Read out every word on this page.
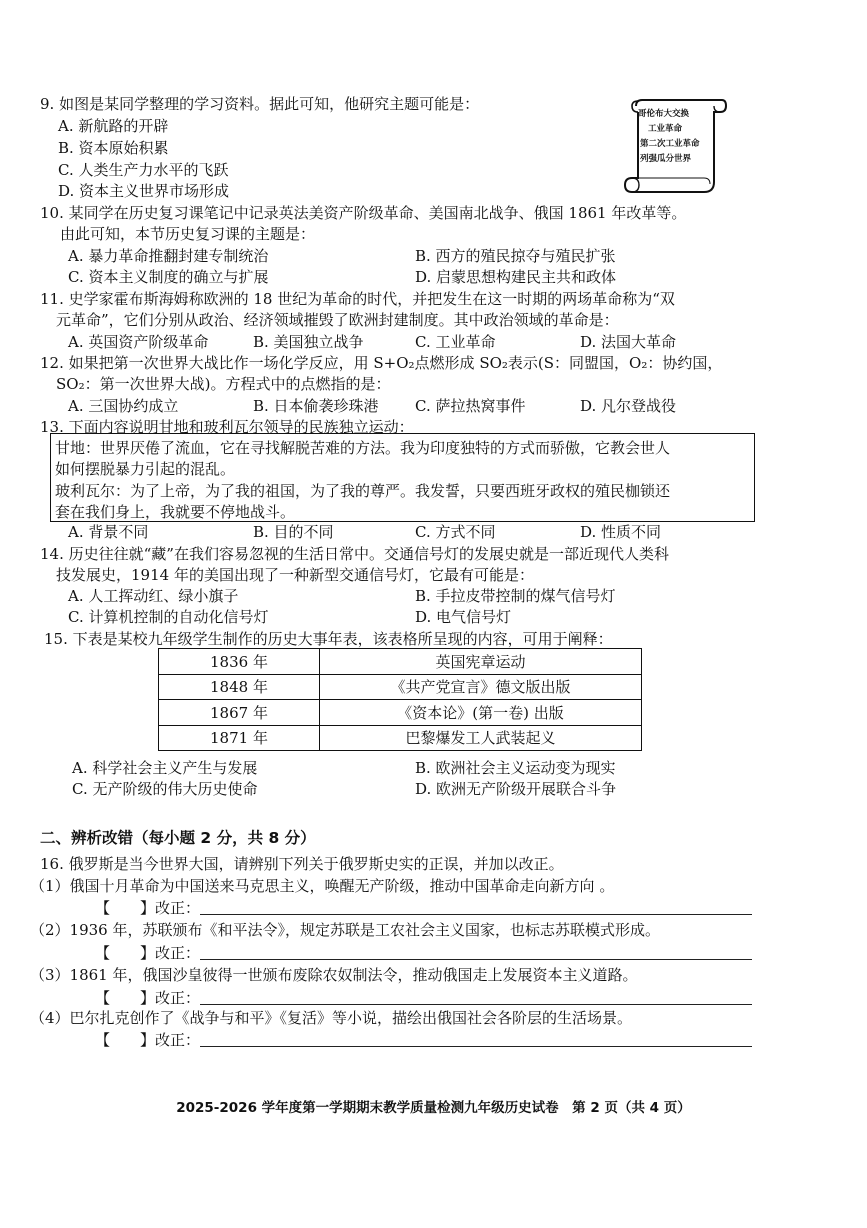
9. 如图是某同学整理的学习资料。据此可知，他研究主题可能是：
A. 新航路的开辟
B. 资本原始积累
C. 人类生产力水平的飞跃
D. 资本主义世界市场形成
哥伦布大交换
工业革命
第二次工业革命
列强瓜分世界
10. 某同学在历史复习课笔记中记录英法美资产阶级革命、美国南北战争、俄国 1861 年改革等。
由此可知，本节历史复习课的主题是：
A. 暴力革命推翻封建专制统治	B. 西方的殖民掠夺与殖民扩张
C. 资本主义制度的确立与扩展	D. 启蒙思想构建民主共和政体
11. 史学家霍布斯海姆称欧洲的 18 世纪为革命的时代，并把发生在这一时期的两场革命称为“双
元革命”，它们分别从政治、经济领域摧毁了欧洲封建制度。其中政治领域的革命是：
A. 英国资产阶级革命	B. 美国独立战争	C. 工业革命	D. 法国大革命
12. 如果把第一次世界大战比作一场化学反应，用 S+O₂点燃形成 SO₂表示(S：同盟国，O₂：协约国，
SO₂：第一次世界大战)。方程式中的点燃指的是：
A. 三国协约成立	B. 日本偷袭珍珠港 C. 萨拉热窝事件	D. 凡尔登战役
13. 下面内容说明甘地和玻利瓦尔领导的民族独立运动：
甘地：世界厌倦了流血，它在寻找解脱苦难的方法。我为印度独特的方式而骄傲，它教会世人
如何摆脱暴力引起的混乱。
玻利瓦尔：为了上帝，为了我的祖国，为了我的尊严。我发誓，只要西班牙政权的殖民枷锁还
套在我们身上，我就要不停地战斗。
A. 背景不同	B. 目的不同	C. 方式不同	D. 性质不同
14. 历史往往就“藏”在我们容易忽视的生活日常中。交通信号灯的发展史就是一部近现代人类科
技发展史，1914 年的美国出现了一种新型交通信号灯，它最有可能是：
A. 人工挥动红、绿小旗子	B. 手拉皮带控制的煤气信号灯
C. 计算机控制的自动化信号灯	D. 电气信号灯
15. 下表是某校九年级学生制作的历史大事年表，该表格所呈现的内容，可用于阐释：
1836 年	英国宪章运动
1848 年	《共产党宣言》德文版出版
1867 年	《资本论》(第一卷) 出版
1871 年	巴黎爆发工人武装起义
A. 科学社会主义产生与发展	B. 欧洲社会主义运动变为现实
C. 无产阶级的伟大历史使命	D. 欧洲无产阶级开展联合斗争
二、辨析改错（每小题 2 分，共 8 分）
16. 俄罗斯是当今世界大国，请辨别下列关于俄罗斯史实的正误，并加以改正。
（1）俄国十月革命为中国送来马克思主义，唤醒无产阶级，推动中国革命走向新方向 。
【　　】改正：
（2）1936 年，苏联颁布《和平法令》，规定苏联是工农社会主义国家，也标志苏联模式形成。
【　　】改正：
（3）1861 年，俄国沙皇彼得一世颁布废除农奴制法令，推动俄国走上发展资本主义道路。
【　　】改正：
（4）巴尔扎克创作了《战争与和平》《复活》等小说，描绘出俄国社会各阶层的生活场景。
【　　】改正：
2025-2026 学年度第一学期期末教学质量检测九年级历史试卷　第 2 页（共 4 页）
